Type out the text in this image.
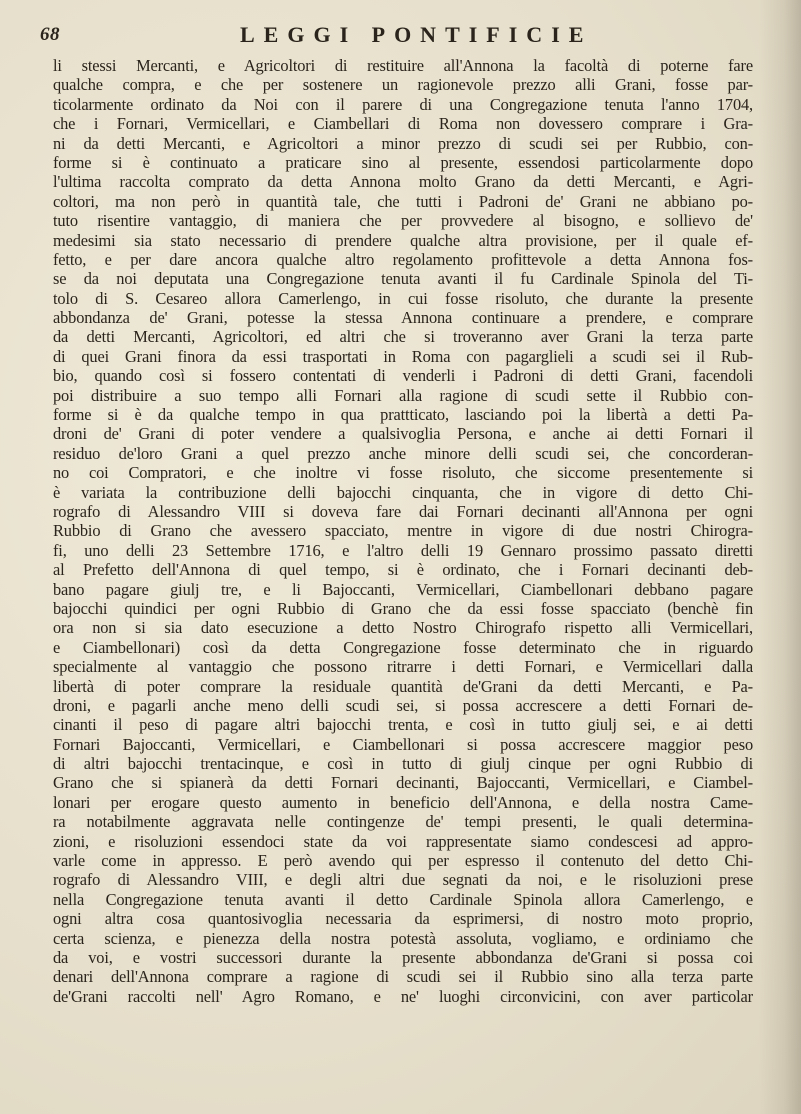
68	LEGGI PONTIFICIE
li stessi Mercanti, e Agricoltori di restituire all'Annona la facoltà di poterne fare
qualche compra, e che per sostenere un ragionevole prezzo alli Grani, fosse par-
ticolarmente ordinato da Noi con il parere di una Congregazione tenuta l'anno 1704,
che i Fornari, Vermicellari, e Ciambellari di Roma non dovessero comprare i Gra-
ni da detti Mercanti, e Agricoltori a minor prezzo di scudi sei per Rubbio, con-
forme si è continuato a praticare sino al presente, essendosi particolarmente dopo
l'ultima raccolta comprato da detta Annona molto Grano da detti Mercanti, e Agri-
coltori, ma non però in quantità tale, che tutti i Padroni de' Grani ne abbiano po-
tuto risentire vantaggio, di maniera che per provvedere al bisogno, e sollievo de'
medesimi sia stato necessario di prendere qualche altra provisione, per il quale ef-
fetto, e per dare ancora qualche altro regolamento profittevole a detta Annona fos-
se da noi deputata una Congregazione tenuta avanti il fu Cardinale Spinola del Ti-
tolo di S. Cesareo allora Camerlengo, in cui fosse risoluto, che durante la presente
abbondanza de' Grani, potesse la stessa Annona continuare a prendere, e comprare
da detti Mercanti, Agricoltori, ed altri che si troveranno aver Grani la terza parte
di quei Grani finora da essi trasportati in Roma con pagarglieli a scudi sei il Rub-
bio, quando così si fossero contentati di venderli i Padroni di detti Grani, facendoli
poi distribuire a suo tempo alli Fornari alla ragione di scudi sette il Rubbio con-
forme si è da qualche tempo in qua prattticato, lasciando poi la libertà a detti Pa-
droni de' Grani di poter vendere a qualsivoglia Persona, e anche ai detti Fornari il
residuo de'loro Grani a quel prezzo anche minore delli scudi sei, che concorderan-
no coi Compratori, e che inoltre vi fosse risoluto, che siccome presentemente si
è variata la contribuzione delli bajocchi cinquanta, che in vigore di detto Chi-
rografo di Alessandro VIII si doveva fare dai Fornari decinanti all'Annona per ogni
Rubbio di Grano che avessero spacciato, mentre in vigore di due nostri Chirogra-
fi, uno delli 23 Settembre 1716, e l'altro delli 19 Gennaro prossimo passato diretti
al Prefetto dell'Annona di quel tempo, si è ordinato, che i Fornari decinanti deb-
bano pagare giulj tre, e li Bajoccanti, Vermicellari, Ciambellonari debbano pagare
bajocchi quindici per ogni Rubbio di Grano che da essi fosse spacciato (benchè fin
ora non si sia dato esecuzione a detto Nostro Chirografo rispetto alli Vermicellari,
e Ciambellonari) così da detta Congregazione fosse determinato che in riguardo
specialmente al vantaggio che possono ritrarre i detti Fornari, e Vermicellari dalla
libertà di poter comprare la residuale quantità de'Grani da detti Mercanti, e Pa-
droni, e pagarli anche meno delli scudi sei, si possa accrescere a detti Fornari de-
cinanti il peso di pagare altri bajocchi trenta, e così in tutto giulj sei, e ai detti
Fornari Bajoccanti, Vermicellari, e Ciambellonari si possa accrescere maggior peso
di altri bajocchi trentacinque, e così in tutto di giulj cinque per ogni Rubbio di
Grano che si spianerà da detti Fornari decinanti, Bajoccanti, Vermicellari, e Ciambel-
lonari per erogare questo aumento in beneficio dell'Annona, e della nostra Came-
ra notabilmente aggravata nelle contingenze de' tempi presenti, le quali determina-
zioni, e risoluzioni essendoci state da voi rappresentate siamo condescesi ad appro-
varle come in appresso. E però avendo qui per espresso il contenuto del detto Chi-
rografo di Alessandro VIII, e degli altri due segnati da noi, e le risoluzioni prese
nella Congregazione tenuta avanti il detto Cardinale Spinola allora Camerlengo, e
ogni altra cosa quantosivoglia necessaria da esprimersi, di nostro moto proprio,
certa scienza, e pienezza della nostra potestà assoluta, vogliamo, e ordiniamo che
da voi, e vostri successori durante la presente abbondanza de'Grani si possa coi
denari dell'Annona comprare a ragione di scudi sei il Rubbio sino alla terza parte
de'Grani raccolti nell' Agro Romano, e ne' luoghi circonvicini, con aver particolar
